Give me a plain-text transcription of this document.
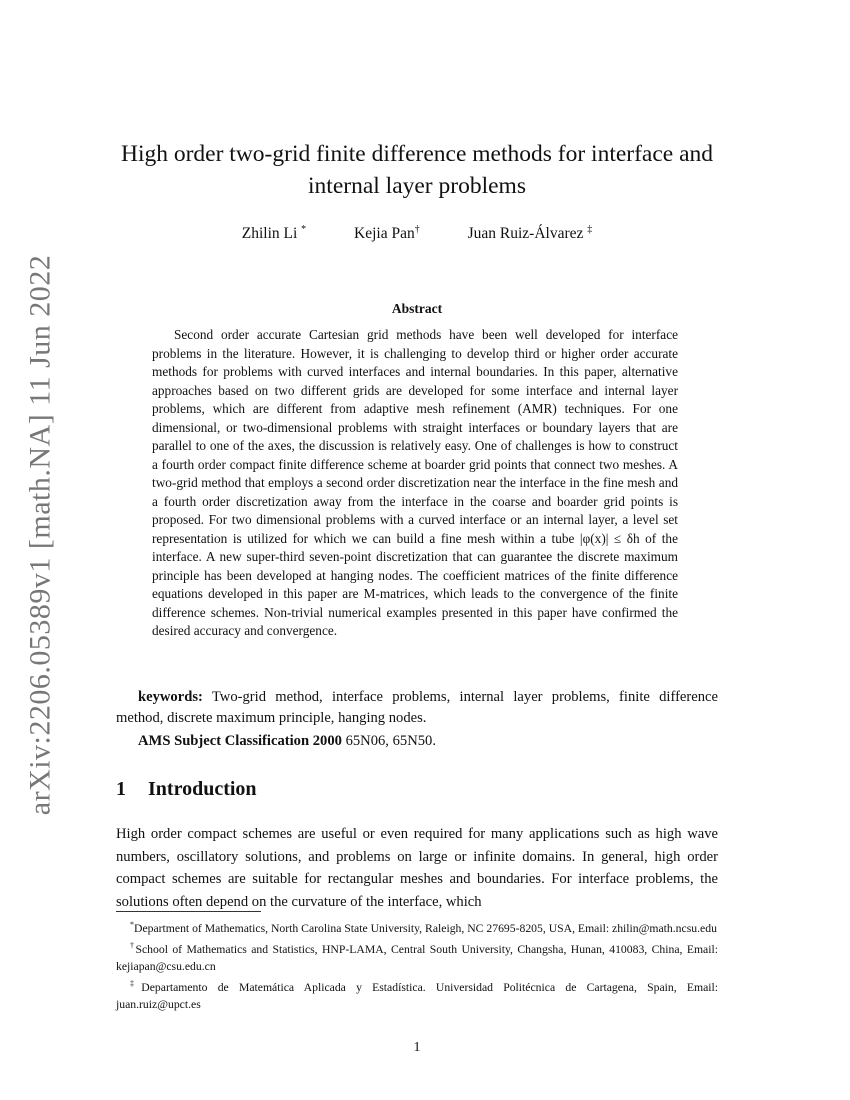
arXiv:2206.05389v1 [math.NA] 11 Jun 2022
High order two-grid finite difference methods for interface and internal layer problems
Zhilin Li *	Kejia Pan†	Juan Ruiz-Álvarez ‡
Abstract

Second order accurate Cartesian grid methods have been well developed for interface problems in the literature. However, it is challenging to develop third or higher order accurate methods for problems with curved interfaces and internal boundaries. In this paper, alternative approaches based on two different grids are developed for some interface and internal layer problems, which are different from adaptive mesh refinement (AMR) techniques. For one dimensional, or two-dimensional problems with straight interfaces or boundary layers that are parallel to one of the axes, the discussion is relatively easy. One of challenges is how to construct a fourth order compact finite difference scheme at boarder grid points that connect two meshes. A two-grid method that employs a second order discretization near the interface in the fine mesh and a fourth order discretization away from the interface in the coarse and boarder grid points is proposed. For two dimensional problems with a curved interface or an internal layer, a level set representation is utilized for which we can build a fine mesh within a tube |φ(x)| ≤ δh of the interface. A new super-third seven-point discretization that can guarantee the discrete maximum principle has been developed at hanging nodes. The coefficient matrices of the finite difference equations developed in this paper are M-matrices, which leads to the convergence of the finite difference schemes. Non-trivial numerical examples presented in this paper have confirmed the desired accuracy and convergence.

keywords: Two-grid method, interface problems, internal layer problems, finite difference method, discrete maximum principle, hanging nodes.

AMS Subject Classification 2000 65N06, 65N50.

1 Introduction

High order compact schemes are useful or even required for many applications such as high wave numbers, oscillatory solutions, and problems on large or infinite domains. In general, high order compact schemes are suitable for rectangular meshes and boundaries. For interface problems, the solutions often depend on the curvature of the interface, which

*Department of Mathematics, North Carolina State University, Raleigh, NC 27695-8205, USA, Email: zhilin@math.ncsu.edu

†School of Mathematics and Statistics, HNP-LAMA, Central South University, Changsha, Hunan, 410083, China, Email: kejiapan@csu.edu.cn

‡Departamento de Matemática Aplicada y Estadística. Universidad Politécnica de Cartagena, Spain, Email: juan.ruiz@upct.es

1
